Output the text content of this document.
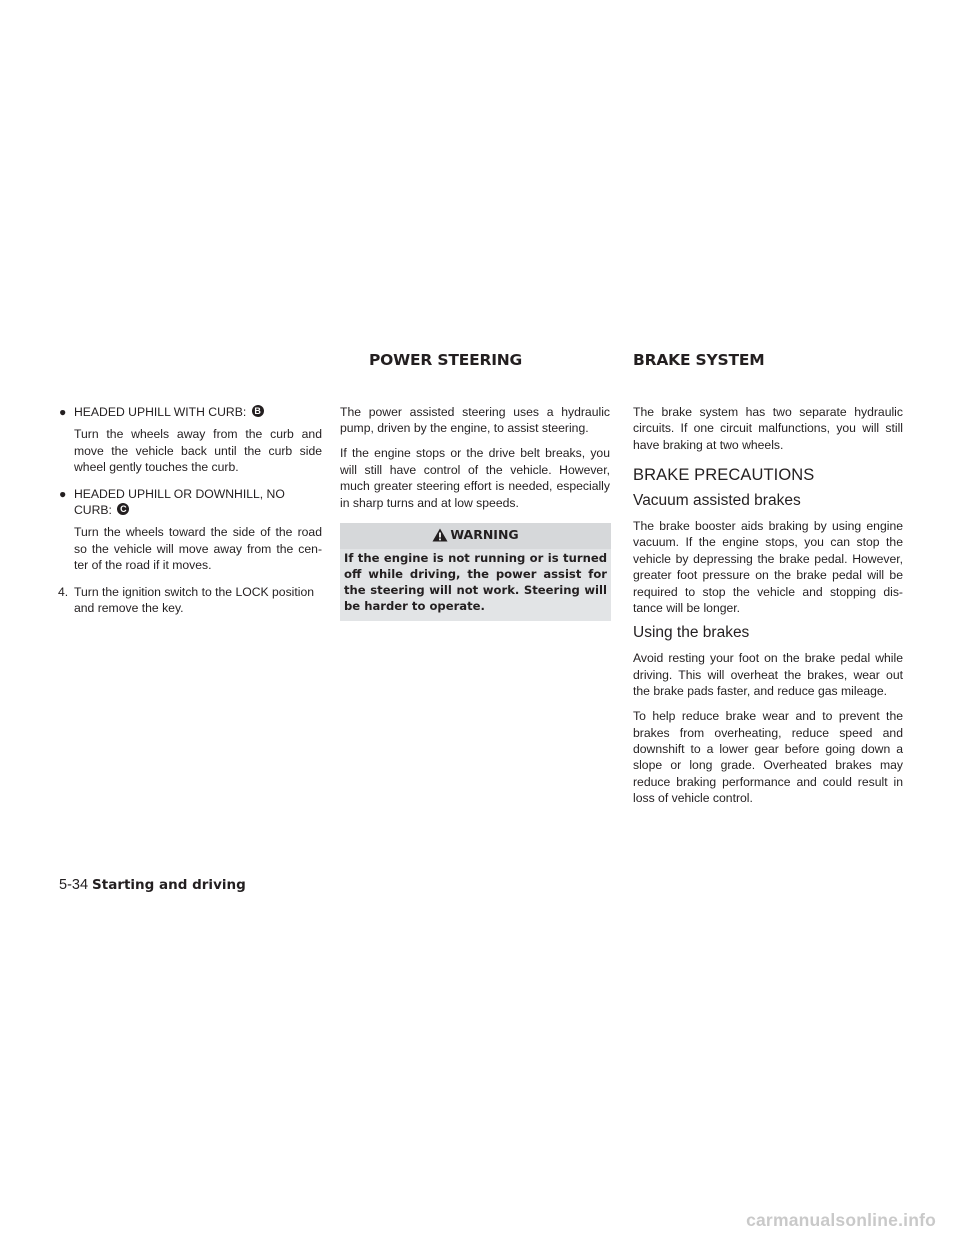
POWER STEERING	BRAKE SYSTEM
● HEADED UPHILL WITH CURB: B
Turn the wheels away from the curb and move the vehicle back until the curb side wheel gently touches the curb.
● HEADED UPHILL OR DOWNHILL, NO CURB: C
Turn the wheels toward the side of the road so the vehicle will move away from the cen- ter of the road if it moves.
4. Turn the ignition switch to the LOCK position and remove the key.

The power assisted steering uses a hydraulic pump, driven by the engine, to assist steering.

If the engine stops or the drive belt breaks, you will still have control of the vehicle. However, much greater steering effort is needed, especially in sharp turns and at low speeds.

WARNING
If the engine is not running or is turned off while driving, the power assist for the steering will not work. Steering will be harder to operate.

The brake system has two separate hydraulic circuits. If one circuit malfunctions, you will still have braking at two wheels.

BRAKE PRECAUTIONS
Vacuum assisted brakes

The brake booster aids braking by using engine vacuum. If the engine stops, you can stop the vehicle by depressing the brake pedal. However, greater foot pressure on the brake pedal will be required to stop the vehicle and stopping dis- tance will be longer.

Using the brakes

Avoid resting your foot on the brake pedal while driving. This will overheat the brakes, wear out the brake pads faster, and reduce gas mileage.

To help reduce brake wear and to prevent the brakes from overheating, reduce speed and downshift to a lower gear before going down a slope or long grade. Overheated brakes may reduce braking performance and could result in loss of vehicle control.

5-34 Starting and driving
carmanualsonline.info
